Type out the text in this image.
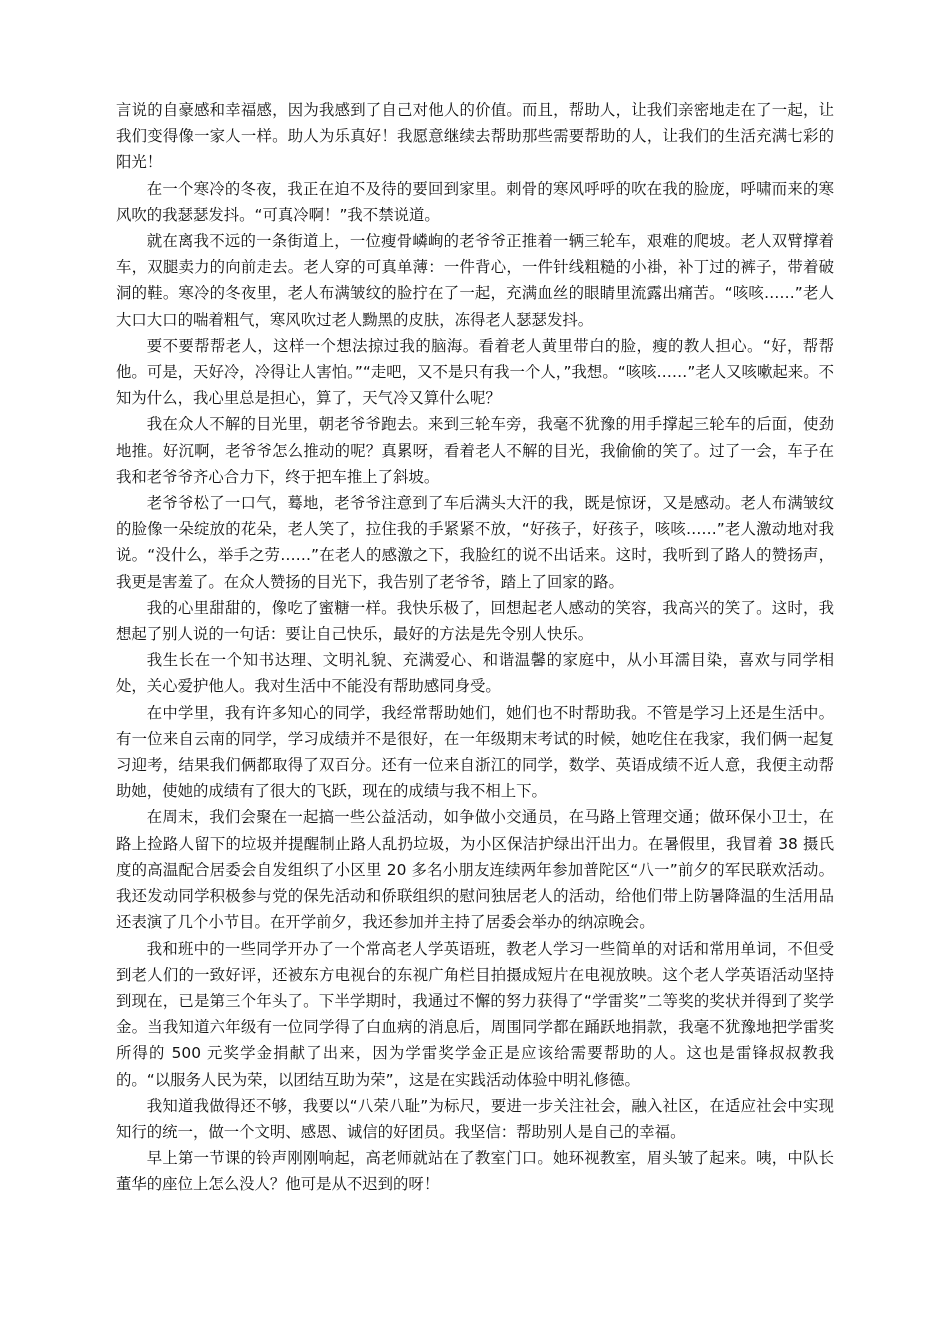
言说的自豪感和幸福感，因为我感到了自己对他人的价值。而且，帮助人，让我们亲密地走在了一起，让我们变得像一家人一样。助人为乐真好！我愿意继续去帮助那些需要帮助的人，让我们的生活充满七彩的阳光！

在一个寒冷的冬夜，我正在迫不及待的要回到家里。刺骨的寒风呼呼的吹在我的脸庞，呼啸而来的寒风吹的我瑟瑟发抖。“可真冷啊！”我不禁说道。

就在离我不远的一条街道上，一位瘦骨嶙峋的老爷爷正推着一辆三轮车，艰难的爬坡。老人双臂撑着车，双腿卖力的向前走去。老人穿的可真单薄：一件背心，一件针线粗糙的小褂，补丁过的裤子，带着破洞的鞋。寒冷的冬夜里，老人布满皱纹的脸拧在了一起，充满血丝的眼睛里流露出痛苦。“咳咳……”老人大口大口的喘着粗气，寒风吹过老人黝黑的皮肤，冻得老人瑟瑟发抖。

要不要帮帮老人，这样一个想法掠过我的脑海。看着老人黄里带白的脸，瘦的教人担心。“好，帮帮他。可是，天好冷，冷得让人害怕。”“走吧，又不是只有我一个人，”我想。“咳咳……”老人又咳嗽起来。不知为什么，我心里总是担心，算了，天气冷又算什么呢？

我在众人不解的目光里，朝老爷爷跑去。来到三轮车旁，我毫不犹豫的用手撑起三轮车的后面，使劲地推。好沉啊，老爷爷怎么推动的呢？真累呀，看着老人不解的目光，我偷偷的笑了。过了一会，车子在我和老爷爷齐心合力下，终于把车推上了斜坡。

老爷爷松了一口气，蓦地，老爷爷注意到了车后满头大汗的我，既是惊讶，又是感动。老人布满皱纹的脸像一朵绽放的花朵，老人笑了，拉住我的手紧紧不放，“好孩子，好孩子，咳咳……”老人激动地对我说。“没什么，举手之劳……”在老人的感激之下，我脸红的说不出话来。这时，我听到了路人的赞扬声，我更是害羞了。在众人赞扬的目光下，我告别了老爷爷，踏上了回家的路。

我的心里甜甜的，像吃了蜜糖一样。我快乐极了，回想起老人感动的笑容，我高兴的笑了。这时，我想起了别人说的一句话：要让自己快乐，最好的方法是先令别人快乐。

我生长在一个知书达理、文明礼貌、充满爱心、和谐温馨的家庭中，从小耳濡目染，喜欢与同学相处，关心爱护他人。我对生活中不能没有帮助感同身受。

在中学里，我有许多知心的同学，我经常帮助她们，她们也不时帮助我。不管是学习上还是生活中。有一位来自云南的同学，学习成绩并不是很好，在一年级期末考试的时候，她吃住在我家，我们俩一起复习迎考，结果我们俩都取得了双百分。还有一位来自浙江的同学，数学、英语成绩不近人意，我便主动帮助她，使她的成绩有了很大的飞跃，现在的成绩与我不相上下。

在周末，我们会聚在一起搞一些公益活动，如争做小交通员，在马路上管理交通；做环保小卫士，在路上捡路人留下的垃圾并提醒制止路人乱扔垃圾，为小区保洁护绿出汗出力。在暑假里，我冒着 38 摄氏度的高温配合居委会自发组织了小区里 20 多名小朋友连续两年参加普陀区“八一”前夕的军民联欢活动。我还发动同学积极参与党的保先活动和侨联组织的慰问独居老人的活动，给他们带上防暑降温的生活用品还表演了几个小节目。在开学前夕，我还参加并主持了居委会举办的纳凉晚会。

我和班中的一些同学开办了一个常高老人学英语班，教老人学习一些简单的对话和常用单词，不但受到老人们的一致好评，还被东方电视台的东视广角栏目拍摄成短片在电视放映。这个老人学英语活动坚持到现在，已是第三个年头了。下半学期时，我通过不懈的努力获得了“学雷奖”二等奖的奖状并得到了奖学金。当我知道六年级有一位同学得了白血病的消息后，周围同学都在踊跃地捐款，我毫不犹豫地把学雷奖所得的 500 元奖学金捐献了出来，因为学雷奖学金正是应该给需要帮助的人。这也是雷锋叔叔教我的。“以服务人民为荣，以团结互助为荣”，这是在实践活动体验中明礼修德。

我知道我做得还不够，我要以“八荣八耻”为标尺，要进一步关注社会，融入社区，在适应社会中实现知行的统一，做一个文明、感恩、诚信的好团员。我坚信：帮助别人是自己的幸福。

早上第一节课的铃声刚刚响起，高老师就站在了教室门口。她环视教室，眉头皱了起来。咦，中队长董华的座位上怎么没人？他可是从不迟到的呀！
